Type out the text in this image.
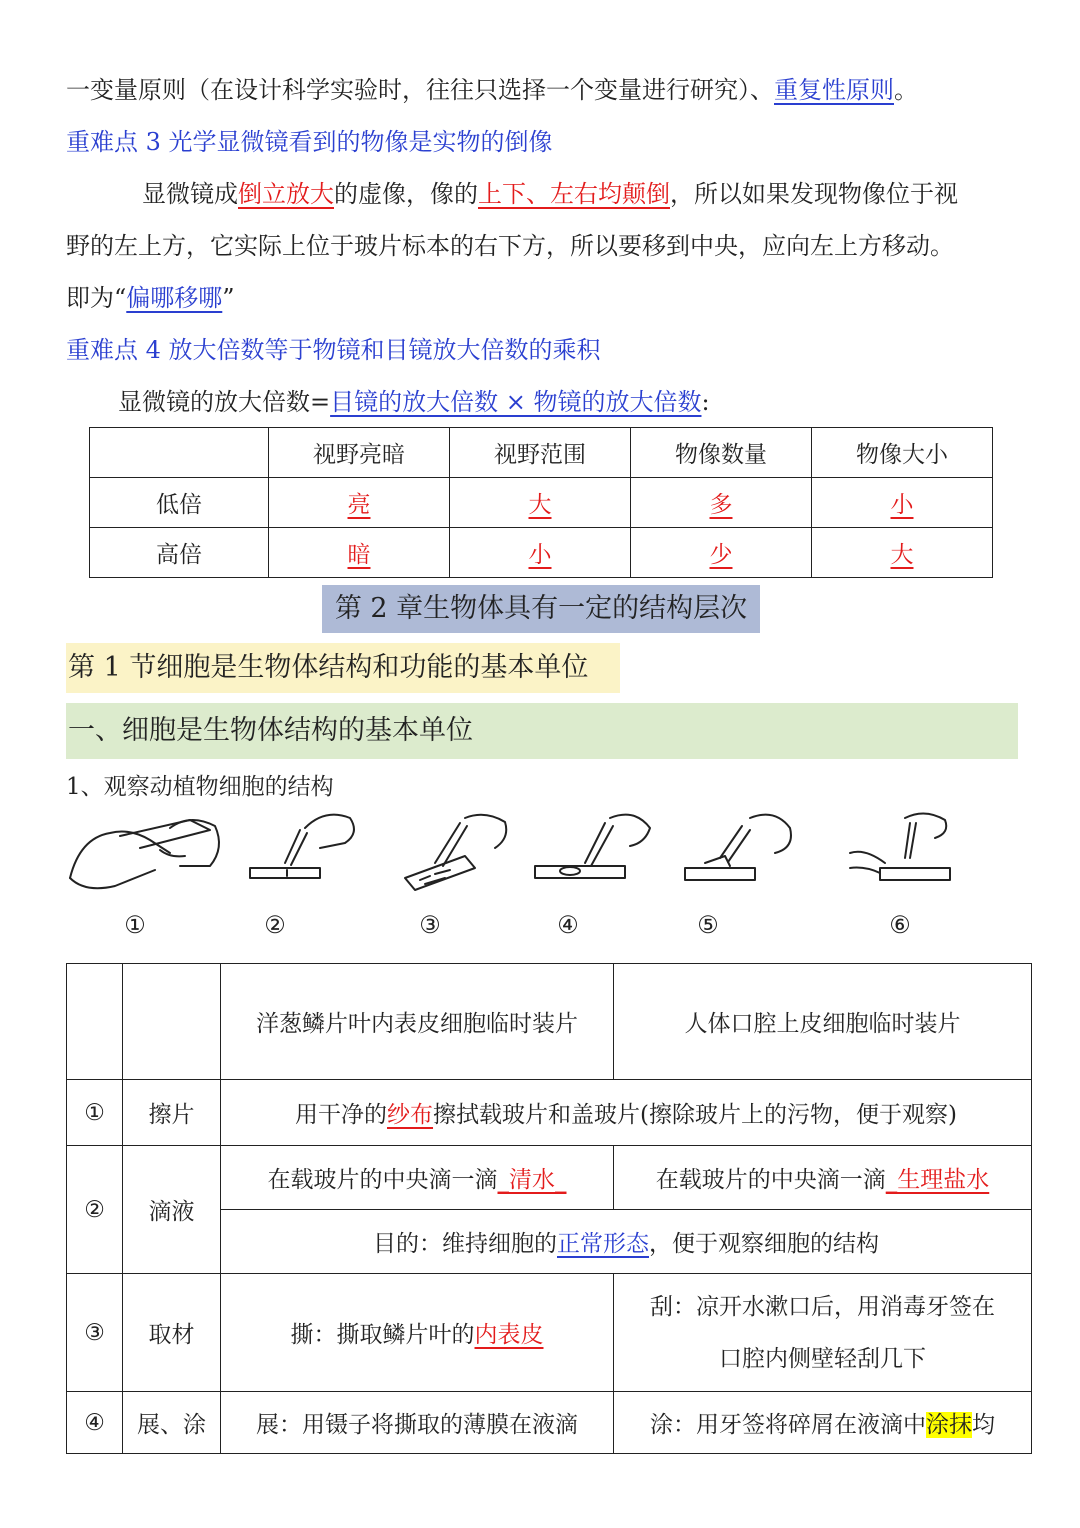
一变量原则（在设计科学实验时，往往只选择一个变量进行研究）、重复性原则。
重难点 3 光学显微镜看到的物像是实物的倒像
显微镜成倒立放大的虚像，像的上下、左右均颠倒，所以如果发现物像位于视
野的左上方，它实际上位于玻片标本的右下方，所以要移到中央，应向左上方移动。
即为“偏哪移哪”
重难点 4 放大倍数等于物镜和目镜放大倍数的乘积
显微镜的放大倍数=目镜的放大倍数 × 物镜的放大倍数:
	视野亮暗	视野范围	物像数量	物像大小
低倍	亮	大	多	小
高倍	暗	小	少	大
第 2 章生物体具有一定的结构层次
第 1 节细胞是生物体结构和功能的基本单位
一、细胞是生物体结构的基本单位
1、观察动植物细胞的结构
①	②	③	④	⑤	⑥
		洋葱鳞片叶内表皮细胞临时装片	人体口腔上皮细胞临时装片
①	擦片	用干净的纱布擦拭载玻片和盖玻片(擦除玻片上的污物，便于观察)	
②	滴液	在载玻片的中央滴一滴_清水_	在载玻片的中央滴一滴_生理盐水
		目的：维持细胞的正常形态，便于观察细胞的结构	
③	取材	撕：撕取鳞片叶的内表皮	刮：凉开水漱口后，用消毒牙签在
口腔内侧壁轻刮几下

④	展、涂	展：用镊子将撕取的薄膜在液滴	涂：用牙签将碎屑在液滴中涂抹均
